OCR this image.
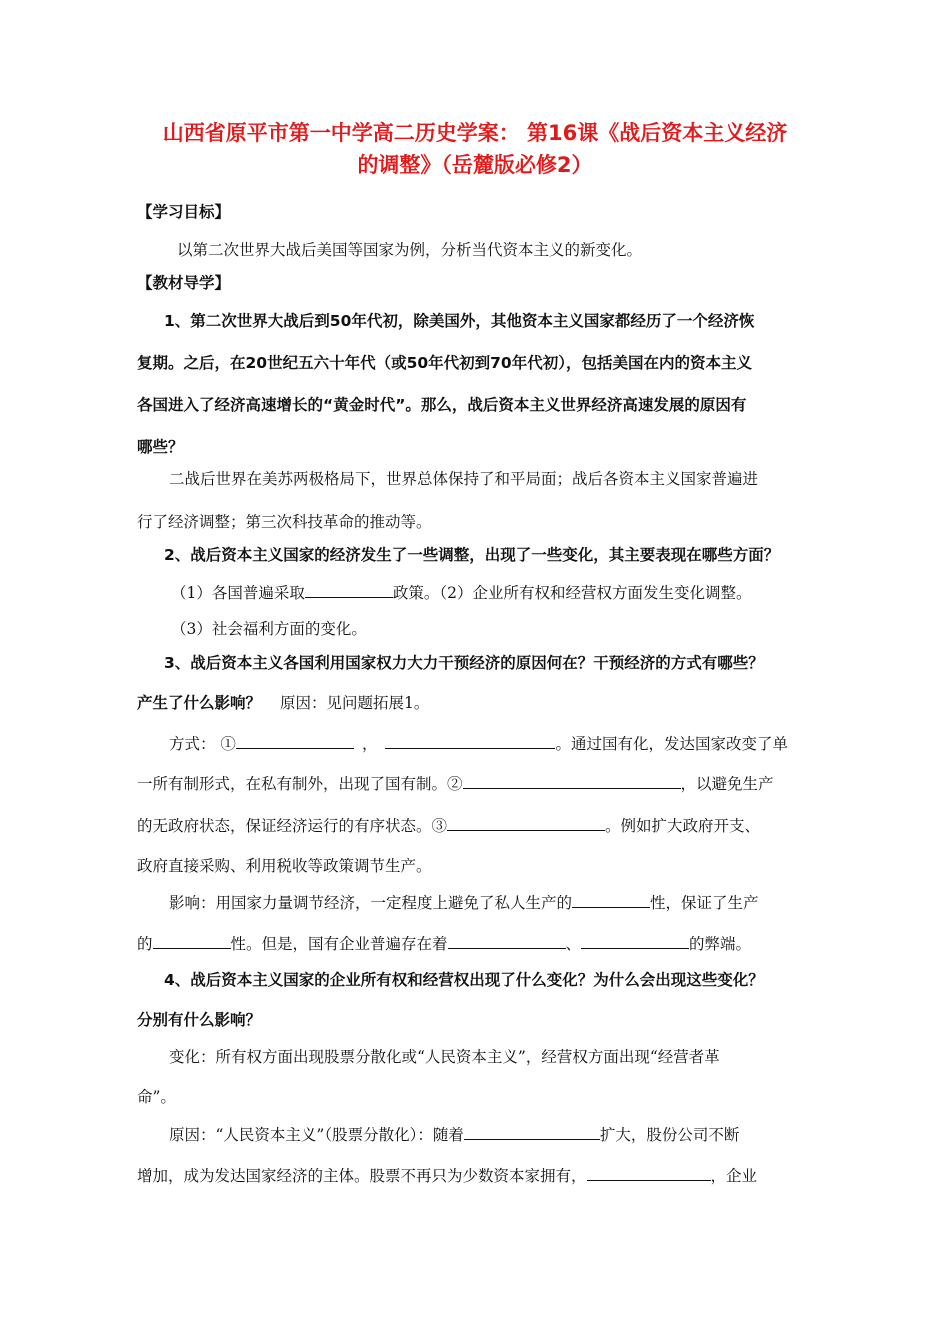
山西省原平市第一中学高二历史学案： 第16课《战后资本主义经济
的调整》（岳麓版必修2）
【学习目标】
以第二次世界大战后美国等国家为例，分析当代资本主义的新变化。
【教材导学】
1、第二次世界大战后到50年代初，除美国外，其他资本主义国家都经历了一个经济恢
复期。之后，在20世纪五六十年代（或50年代初到70年代初），包括美国在内的资本主义
各国进入了经济高速增长的“黄金时代”。那么，战后资本主义世界经济高速发展的原因有
哪些？
二战后世界在美苏两极格局下，世界总体保持了和平局面；战后各资本主义国家普遍进
行了经济调整；第三次科技革命的推动等。
2、战后资本主义国家的经济发生了一些调整，出现了一些变化，其主要表现在哪些方面？
（1）各国普遍采取	政策。（2）企业所有权和经营权方面发生变化调整。
（3）社会福利方面的变化。
3、战后资本主义各国利用国家权力大力干预经济的原因何在？干预经济的方式有哪些？
产生了什么影响？ 原因：见问题拓展1。
方式： ①	，	。通过国有化，发达国家改变了单
一所有制形式，在私有制外，出现了国有制。②	，以避免生产
的无政府状态，保证经济运行的有序状态。③	。例如扩大政府开支、
政府直接采购、利用税收等政策调节生产。
影响：用国家力量调节经济，一定程度上避免了私人生产的	性，保证了生产
的	性。但是，国有企业普遍存在着	、	的弊端。
4、战后资本主义国家的企业所有权和经营权出现了什么变化？为什么会出现这些变化？
分别有什么影响？
变化：所有权方面出现股票分散化或“人民资本主义”，经营权方面出现“经营者革
命”。
原因：“人民资本主义”（股票分散化）：随着	扩大，股份公司不断
增加，成为发达国家经济的主体。股票不再只为少数资本家拥有，	，企业
